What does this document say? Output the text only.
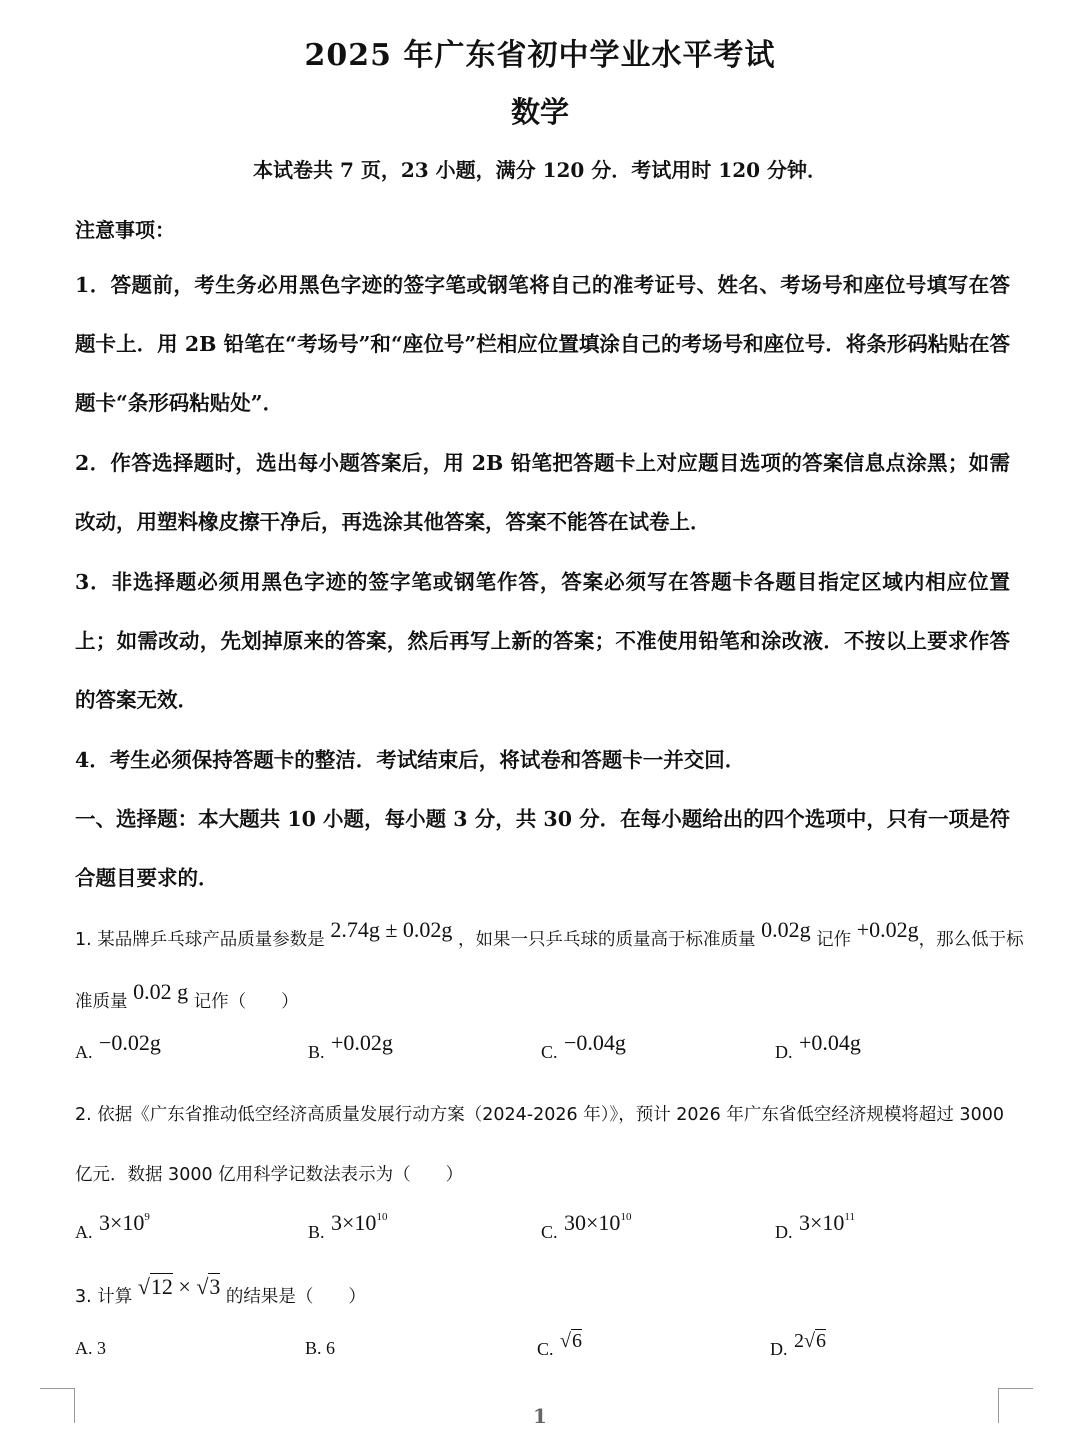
2025 年广东省初中学业水平考试
数学
本试卷共 7 页，23 小题，满分 120 分．考试用时 120 分钟．
注意事项：
1．答题前，考生务必用黑色字迹的签字笔或钢笔将自己的准考证号、姓名、考场号和座位号填写在答题卡上．用 2B 铅笔在“考场号”和“座位号”栏相应位置填涂自己的考场号和座位号．将条形码粘贴在答题卡“条形码粘贴处”．
2．作答选择题时，选出每小题答案后，用 2B 铅笔把答题卡上对应题目选项的答案信息点涂黑；如需改动，用塑料橡皮擦干净后，再选涂其他答案，答案不能答在试卷上．
3．非选择题必须用黑色字迹的签字笔或钢笔作答，答案必须写在答题卡各题目指定区域内相应位置上；如需改动，先划掉原来的答案，然后再写上新的答案；不准使用铅笔和涂改液．不按以上要求作答的答案无效．
4．考生必须保持答题卡的整洁．考试结束后，将试卷和答题卡一并交回．
一、选择题：本大题共 10 小题，每小题 3 分，共 30 分．在每小题给出的四个选项中，只有一项是符合题目要求的．
1. 某品牌乒乓球产品质量参数是 2.74g ± 0.02g ，如果一只乒乓球的质量高于标准质量 0.02g 记作 +0.02g，那么低于标准质量 0.02 g 记作（　　）
A. −0.02g	B. +0.02g	C. −0.04g	D. +0.04g
2. 依据《广东省推动低空经济高质量发展行动方案（2024-2026 年）》，预计 2026 年广东省低空经济规模将超过 3000 亿元．数据 3000 亿用科学记数法表示为（　　）
A. $3\times 10^9$
B. $3\times 10^{10}$
C. $30\times 10^{10}$
D. $3\times 10^{11}$
3. 计算 √12 × √3 的结果是（　　）
A. 3	B. 6	C. √6	D. 2√6
1
